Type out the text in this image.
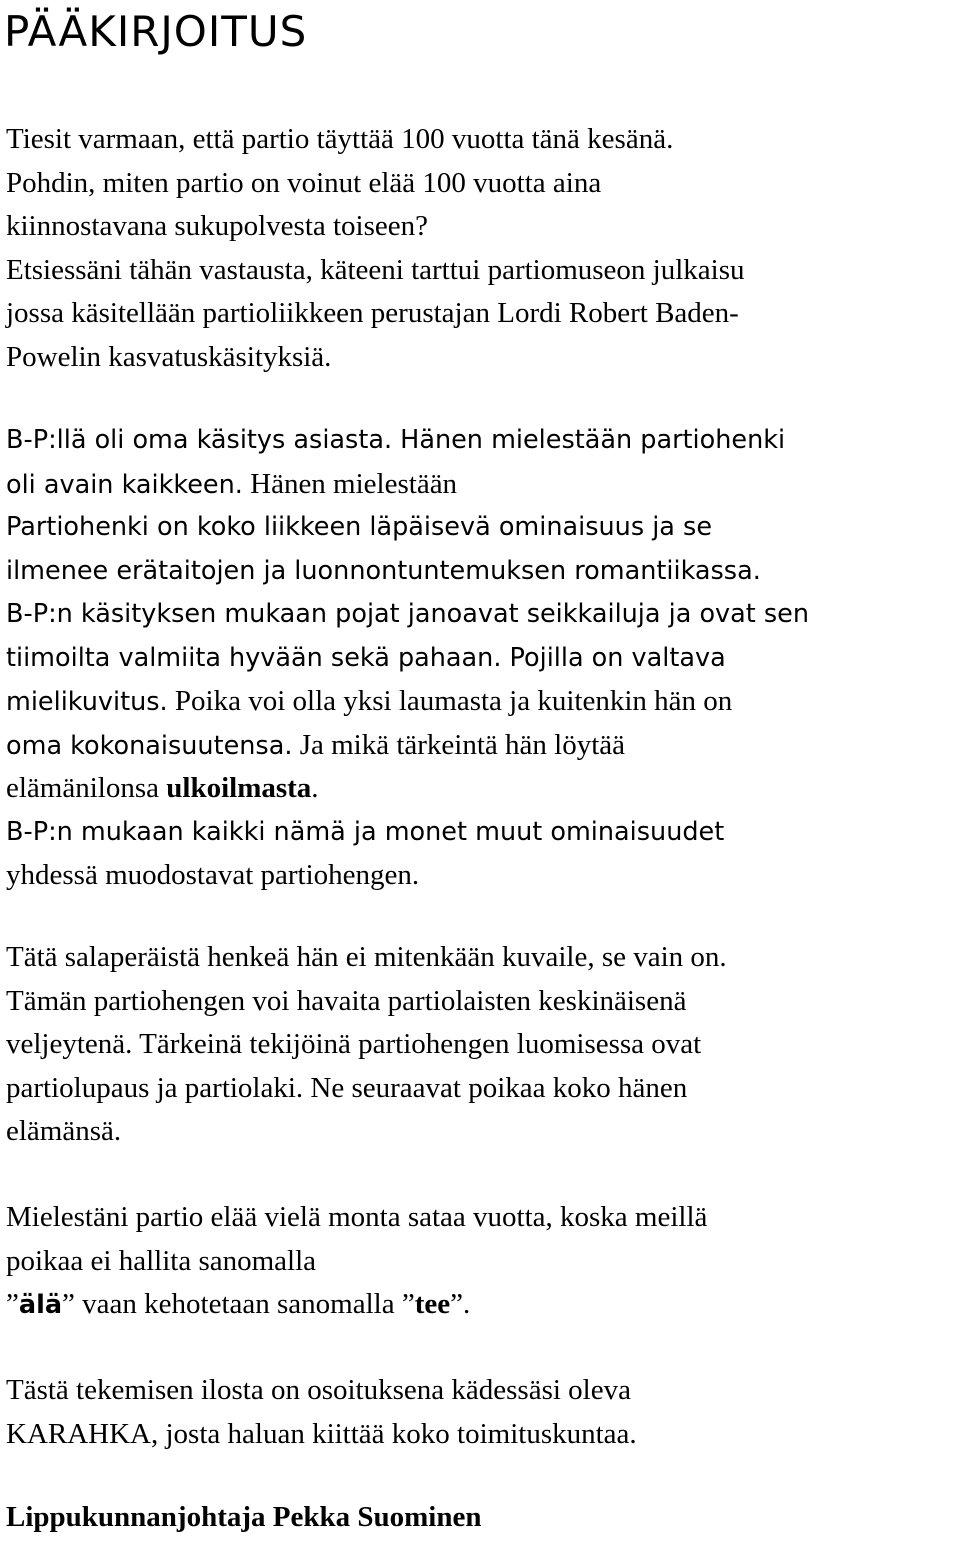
PÄÄKIRJOITUS
Tiesit varmaan, että partio täyttää 100 vuotta tänä kesänä.
Pohdin, miten partio on voinut elää 100 vuotta aina
kiinnostavana sukupolvesta toiseen?
Etsiessäni tähän vastausta, käteeni tarttui partiomuseon julkaisu
jossa käsitellään partioliikkeen perustajan Lordi Robert Baden-
Powelin kasvatuskäsityksiä.
B-P:llä oli oma käsitys asiasta. Hänen mielestään partiohenki
oli avain kaikkeen. Hänen mielestään
Partiohenki on koko liikkeen läpäisevä ominaisuus ja se
ilmenee erätaitojen ja luonnontuntemuksen romantiikassa.
B-P:n käsityksen mukaan pojat janoavat seikkailuja ja ovat sen
tiimoilta valmiita hyvään sekä pahaan. Pojilla on valtava
mielikuvitus. Poika voi olla yksi laumasta ja kuitenkin hän on
oma kokonaisuutensa. Ja mikä tärkeintä hän löytää
elämänilonsa ulkoilmasta.
B-P:n mukaan kaikki nämä ja monet muut ominaisuudet
yhdessä muodostavat partiohengen.
Tätä salaperäistä henkeä hän ei mitenkään kuvaile, se vain on.
Tämän partiohengen voi havaita partiolaisten keskinäisenä
veljeytenä. Tärkeinä tekijöinä partiohengen luomisessa ovat
partiolupaus ja partiolaki. Ne seuraavat poikaa koko hänen
elämänsä.
Mielestäni partio elää vielä monta sataa vuotta, koska meillä
poikaa ei hallita sanomalla
”älä” vaan kehotetaan sanomalla ”tee”.
Tästä tekemisen ilosta on osoituksena kädessäsi oleva
KARAHKA, josta haluan kiittää koko toimituskuntaa.

Lippukunnanjohtaja Pekka Suominen
